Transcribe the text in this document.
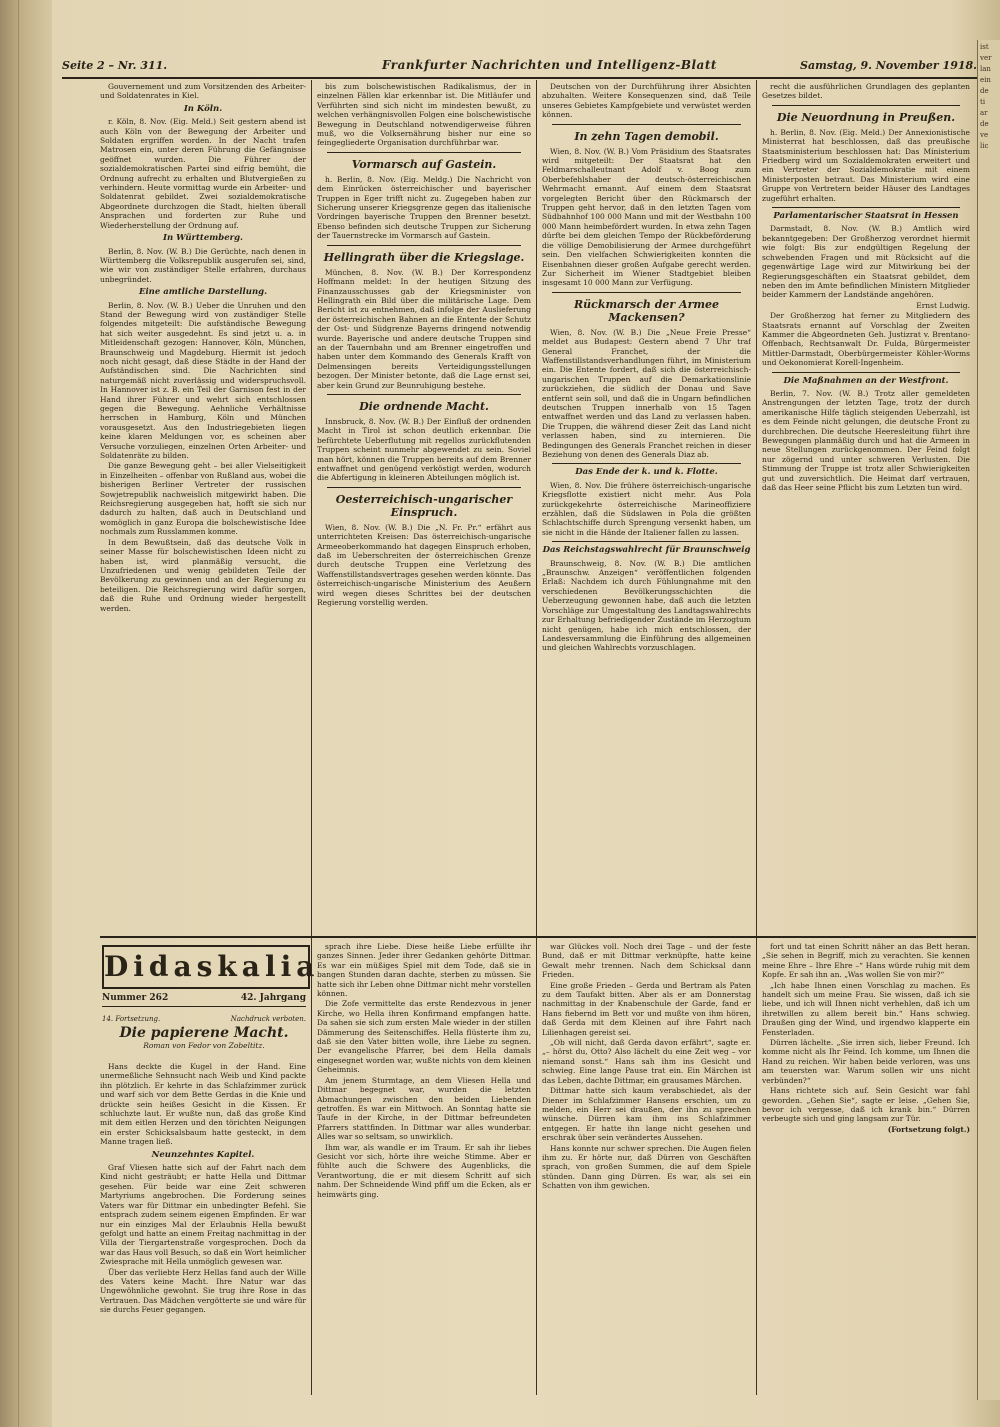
ist
ver
lan
ein
de
ti
ar
de
ve
lic
Seite 2 – Nr. 311.	Frankfurter Nachrichten und Intelligenz-Blatt	Samstag, 9. November 1918.

Gouvernement und zum Vorsitzenden des Arbeiter- und Soldatenrates in Kiel.

In Köln.

r. Köln, 8. Nov. (Eig. Meld.) Seit gestern abend ist auch Köln von der Bewegung der Arbeiter und Soldaten ergriffen worden. In der Nacht trafen Matrosen ein, unter deren Führung die Gefängnisse geöffnet wurden. Die Führer der sozialdemokratischen Partei sind eifrig bemüht, die Ordnung aufrecht zu erhalten und Blutvergießen zu verhindern. Heute vormittag wurde ein Arbeiter- und Soldatenrat gebildet. Zwei sozialdemokratische Abgeordnete durchzogen die Stadt, hielten überall Ansprachen und forderten zur Ruhe und Wiederherstellung der Ordnung auf.

In Württemberg.

Berlin, 8. Nov. (W. B.) Die Gerüchte, nach denen in Württemberg die Volksrepublik ausgerufen sei, sind, wie wir von zuständiger Stelle erfahren, durchaus unbegründet.

Eine amtliche Darstellung.

Berlin, 8. Nov. (W. B.) Ueber die Unruhen und den Stand der Bewegung wird von zuständiger Stelle folgendes mitgeteilt: Die aufständische Bewegung hat sich weiter ausgedehnt. Es sind jetzt u. a. in Mitleidenschaft gezogen: Hannover, Köln, München, Braunschweig und Magdeburg. Hiermit ist jedoch noch nicht gesagt, daß diese Städte in der Hand der Aufständischen sind. Die Nachrichten sind naturgemäß nicht zuverlässig und widerspruchsvoll. In Hannover ist z. B. ein Teil der Garnison fest in der Hand ihrer Führer und wehrt sich entschlossen gegen die Bewegung. Aehnliche Verhältnisse herrschen in Hamburg, Köln und München vorausgesetzt. Aus den Industriegebieten liegen keine klaren Meldungen vor, es scheinen aber Versuche vorzuliegen, einzelnen Orten Arbeiter- und Soldatenräte zu bilden.

Die ganze Bewegung geht – bei aller Vielseitigkeit in Einzelheiten – offenbar von Rußland aus, wobei die bisherigen Berliner Vertreter der russischen Sowjetrepublik nachweislich mitgewirkt haben. Die Reichsregierung ausgegeben hat, hofft sie sich nur dadurch zu halten, daß auch in Deutschland und womöglich in ganz Europa die bolschewistische Idee nochmals zum Russlammen komme.

In dem Bewußtsein, daß das deutsche Volk in seiner Masse für bolschewistischen Ideen nicht zu haben ist, wird planmäßig versucht, die Unzufriedenen und wenig gebildeten Teile der Bevölkerung zu gewinnen und an der Regierung zu beteiligen. Die Reichsregierung wird dafür sorgen, daß die Ruhe und Ordnung wieder hergestellt werden.

bis zum bolschewistischen Radikalismus, der in einzelnen Fällen klar erkennbar ist. Die Mitläufer und Verführten sind sich nicht im mindesten bewußt, zu welchen verhängnisvollen Folgen eine bolschewistische Bewegung in Deutschland notwendigerweise führen muß, wo die Volksernährung bisher nur eine so feingegliederte Organisation durchführbar war.

Vormarsch auf Gastein.

h. Berlin, 8. Nov. (Eig. Meldg.) Die Nachricht von dem Einrücken österreichischer und bayerischer Truppen in Eger trifft nicht zu. Zugegeben haben zur Sicherung unserer Kriegsgrenze gegen das italienische Vordringen bayerische Truppen den Brenner besetzt. Ebenso befinden sich deutsche Truppen zur Sicherung der Tauernstrecke im Vormarsch auf Gastein.

Hellingrath über die Kriegslage.

München, 8. Nov. (W. B.) Der Korrespondenz Hoffmann meldet: In der heutigen Sitzung des Finanzausschusses gab der Kriegsminister von Hellingrath ein Bild über die militärische Lage. Dem Bericht ist zu entnehmen, daß infolge der Auslieferung der österreichischen Bahnen an die Entente der Schutz der Ost- und Südgrenze Bayerns dringend notwendig wurde. Bayerische und andere deutsche Truppen sind an der Tauernbahn und am Brenner eingetroffen und haben unter dem Kommando des Generals Krafft von Delmensingen bereits Verteidigungsstellungen bezogen. Der Minister betonte, daß die Lage ernst sei, aber kein Grund zur Beunruhigung bestehe.

Die ordnende Macht.

Innsbruck, 8. Nov. (W. B.) Der Einfluß der ordnenden Macht in Tirol ist schon deutlich erkennbar. Die befürchtete Ueberflutung mit regellos zurückflutenden Truppen scheint nunmehr abgewendet zu sein. Soviel man hört, können die Truppen bereits auf dem Brenner entwaffnet und genügend verköstigt werden, wodurch die Abfertigung in kleineren Abteilungen möglich ist.

Oesterreichisch-ungarischer Einspruch.

Wien, 8. Nov. (W. B.) Die „N. Fr. Pr.“ erfährt aus unterrichteten Kreisen: Das österreichisch-ungarische Armeeoberkommando hat dagegen Einspruch erhoben, daß im Ueberschreiten der österreichischen Grenze durch deutsche Truppen eine Verletzung des Waffenstillstandsvertrages gesehen werden könnte. Das österreichisch-ungarische Ministerium des Aeußern wird wegen dieses Schrittes bei der deutschen Regierung vorstellig werden.

Deutschen von der Durchführung ihrer Absichten abzuhalten. Weitere Konsequenzen sind, daß Teile unseres Gebietes Kampfgebiete und verwüstet werden können.

In zehn Tagen demobil.

Wien, 8. Nov. (W. B.) Vom Präsidium des Staatsrates wird mitgeteilt: Der Staatsrat hat den Feldmarschalleutnant Adolf v. Boog zum Oberbefehlshaber der deutsch-österreichischen Wehrmacht ernannt. Auf einem dem Staatsrat vorgelegten Bericht über den Rückmarsch der Truppen geht hervor, daß in den letzten Tagen vom Südbahnhof 100 000 Mann und mit der Westbahn 100 000 Mann heimbefördert wurden. In etwa zehn Tagen dürfte bei dem gleichen Tempo der Rückbeförderung die völlige Demobilisierung der Armee durchgeführt sein. Den vielfachen Schwierigkeiten konnten die Eisenbahnen dieser großen Aufgabe gerecht werden. Zur Sicherheit im Wiener Stadtgebiet bleiben insgesamt 10 000 Mann zur Verfügung.

Rückmarsch der Armee Mackensen?

Wien, 8. Nov. (W. B.) Die „Neue Freie Presse“ meldet aus Budapest: Gestern abend 7 Uhr traf General Franchet, der die Waffenstillstandsverhandlungen führt, im Ministerium ein. Die Entente fordert, daß sich die österreichisch-ungarischen Truppen auf die Demarkationslinie zurückziehen, die südlich der Donau und Save entfernt sein soll, und daß die in Ungarn befindlichen deutschen Truppen innerhalb von 15 Tagen entwaffnet werden und das Land zu verlassen haben. Die Truppen, die während dieser Zeit das Land nicht verlassen haben, sind zu internieren. Die Bedingungen des Generals Franchet reichen in dieser Beziehung von denen des Generals Diaz ab.

Das Ende der k. und k. Flotte.

Wien, 8. Nov. Die frühere österreichisch-ungarische Kriegsflotte existiert nicht mehr. Aus Pola zurückgekehrte österreichische Marineoffiziere erzählen, daß die Südslawen in Pola die größten Schlachtschiffe durch Sprengung versenkt haben, um sie nicht in die Hände der Italiener fallen zu lassen.

Das Reichstagswahlrecht für Braunschweig

Braunschweig, 8. Nov. (W. B.) Die amtlichen „Braunschw. Anzeigen“ veröffentlichen folgenden Erlaß: Nachdem ich durch Fühlungnahme mit den verschiedenen Bevölkerungsschichten die Ueberzeugung gewonnen habe, daß auch die letzten Vorschläge zur Umgestaltung des Landtagswahlrechts zur Erhaltung befriedigender Zustände im Herzogtum nicht genügen, habe ich mich entschlossen, der Landesversammlung die Einführung des allgemeinen und gleichen Wahlrechts vorzuschlagen.

recht die ausführlichen Grundlagen des geplanten Gesetzes bildet.

Die Neuordnung in Preußen.

h. Berlin, 8. Nov. (Eig. Meld.) Der Annexionistische Ministerrat hat beschlossen, daß das preußische Staatsministerium beschlossen hat: Das Ministerium Friedberg wird um Sozialdemokraten erweitert und ein Vertreter der Sozialdemokratie mit einem Ministerposten betraut. Das Ministerium wird eine Gruppe von Vertretern beider Häuser des Landtages zugeführt erhalten.

Parlamentarischer Staatsrat in Hessen

Darmstadt, 8. Nov. (W. B.) Amtlich wird bekanntgegeben: Der Großherzog verordnet hiermit wie folgt: Bis zur endgültigen Regelung der schwebenden Fragen und mit Rücksicht auf die gegenwärtige Lage wird zur Mitwirkung bei der Regierungsgeschäften ein Staatsrat gebildet, dem neben den im Amte befindlichen Ministern Mitglieder beider Kammern der Landstände angehören.

Ernst Ludwig.

Der Großherzog hat ferner zu Mitgliedern des Staatsrats ernannt auf Vorschlag der Zweiten Kammer die Abgeordneten Geh. Justizrat v. Brentano-Offenbach, Rechtsanwalt Dr. Fulda, Bürgermeister Mittler-Darmstadt, Oberbürgermeister Köhler-Worms und Oekonomierat Korell-Ingenheim.

Die Maßnahmen an der Westfront.

Berlin, 7. Nov. (W. B.) Trotz aller gemeldeten Anstrengungen der letzten Tage, trotz der durch amerikanische Hilfe täglich steigenden Ueberzahl, ist es dem Feinde nicht gelungen, die deutsche Front zu durchbrechen. Die deutsche Heeresleitung führt ihre Bewegungen planmäßig durch und hat die Armeen in neue Stellungen zurückgenommen. Der Feind folgt nur zögernd und unter schweren Verlusten. Die Stimmung der Truppe ist trotz aller Schwierigkeiten gut und zuversichtlich. Die Heimat darf vertrauen, daß das Heer seine Pflicht bis zum Letzten tun wird.

Didaskalia
Nummer 262	42. Jahrgang
14. Fortsetzung.	Nachdruck verboten.
Die papierene Macht.
Roman von Fedor von Zobeltitz.

Hans deckte die Kugel in der Hand. Eine unermeßliche Sehnsucht nach Weib und Kind packte ihn plötzlich. Er kehrte in das Schlafzimmer zurück und warf sich vor dem Bette Gerdas in die Knie und drückte sein heißes Gesicht in die Kissen. Er schluchzte laut. Er wußte nun, daß das große Kind mit dem eitlen Herzen und den törichten Neigungen ein erster Schicksalsbaum hatte gesteckt, in dem Manne tragen ließ.

Neunzehntes Kapitel.

Graf Vliesen hatte sich auf der Fahrt nach dem Kind nicht gesträubt; er hatte Hella und Dittmar gesehen. Für beide war eine Zeit schweren Martyriums angebrochen. Die Forderung seines Vaters war für Dittmar ein unbedingter Befehl. Sie entsprach zudem seinem eigenen Empfinden. Er war nur ein einziges Mal der Erlaubnis Hella bewußt gefolgt und hatte an einem Freitag nachmittag in der Villa der Tiergartenstraße vorgesprochen. Doch da war das Haus voll Besuch, so daß ein Wort heimlicher Zwiesprache mit Hella unmöglich gewesen war.

Über das verliebte Herz Hellas fand auch der Wille des Vaters keine Macht. Ihre Natur war das Ungewöhnliche gewohnt. Sie trug ihre Rose in das Vertrauen. Das Mädchen vergötterte sie und wäre für sie durchs Feuer gegangen.

sprach ihre Liebe. Diese heiße Liebe erfüllte ihr ganzes Sinnen. Jeder ihrer Gedanken gehörte Dittmar. Es war ein müßiges Spiel mit dem Tode, daß sie in bangen Stunden daran dachte, sterben zu müssen. Sie hatte sich ihr Leben ohne Dittmar nicht mehr vorstellen können.

Die Zofe vermittelte das erste Rendezvous in jener Kirche, wo Hella ihren Konfirmand empfangen hatte. Da sahen sie sich zum ersten Male wieder in der stillen Dämmerung des Seitenschiffes. Hella flüsterte ihm zu, daß sie den Vater bitten wolle, ihre Liebe zu segnen. Der evangelische Pfarrer, bei dem Hella damals eingesegnet worden war, wußte nichts von dem kleinen Geheimnis.

Am jenem Sturmtage, an dem Vliesen Hella und Dittmar begegnet war, wurden die letzten Abmachungen zwischen den beiden Liebenden getroffen. Es war ein Mittwoch. An Sonntag hatte sie Taufe in der Kirche, in der Dittmar befreundeten Pfarrers stattfinden. In Dittmar war alles wunderbar. Alles war so seltsam, so unwirklich.

Ihm war, als wandle er im Traum. Er sah ihr liebes Gesicht vor sich, hörte ihre weiche Stimme. Aber er fühlte auch die Schwere des Augenblicks, die Verantwortung, die er mit diesem Schritt auf sich nahm. Der Schneidende Wind pfiff um die Ecken, als er heimwärts ging.

war Glückes voll. Noch drei Tage – und der feste Bund, daß er mit Dittmar verknüpfte, hatte keine Gewalt mehr trennen. Nach dem Schicksal dann Frieden.

Eine große Frieden – Gerda und Bertram als Paten zu dem Taufakt bitten. Aber als er am Donnerstag nachmittag in der Knabenschule der Garde, fand er Hans fiebernd im Bett vor und mußte von ihm hören, daß Gerda mit dem Kleinen auf ihre Fahrt nach Lilienhagen gereist sei.

„Ob will nicht, daß Gerda davon erfährt“, sagte er. „– hörst du, Otto? Also lächelt du eine Zeit weg – vor niemand sonst.“ Hans sah ihm ins Gesicht und schwieg. Eine lange Pause trat ein. Ein Märchen ist das Leben, dachte Dittmar, ein grausames Märchen.

Dittmar hatte sich kaum verabschiedet, als der Diener im Schlafzimmer Hansens erschien, um zu melden, ein Herr sei draußen, der ihn zu sprechen wünsche. Dürren kam ihm ins Schlafzimmer entgegen. Er hatte ihn lange nicht gesehen und erschrak über sein verändertes Aussehen.

Hans konnte nur schwer sprechen. Die Augen fielen ihm zu. Er hörte nur, daß Dürren von Geschäften sprach, von großen Summen, die auf dem Spiele stünden. Dann ging Dürren. Es war, als sei ein Schatten von ihm gewichen.

fort und tat einen Schritt näher an das Bett heran. „Sie sehen in Begriff, mich zu verachten. Sie kennen meine Ehre – Ihre Ehre –“ Hans würde ruhig mit dem Kopfe. Er sah ihn an. „Was wollen Sie von mir?“

„Ich habe Ihnen einen Vorschlag zu machen. Es handelt sich um meine Frau. Sie wissen, daß ich sie liebe, und ich will Ihnen nicht verhehlen, daß ich um ihretwillen zu allem bereit bin.“ Hans schwieg. Draußen ging der Wind, und irgendwo klapperte ein Fensterladen.

Dürren lächelte. „Sie irren sich, lieber Freund. Ich komme nicht als Ihr Feind. Ich komme, um Ihnen die Hand zu reichen. Wir haben beide verloren, was uns am teuersten war. Warum sollen wir uns nicht verbünden?“

Hans richtete sich auf. Sein Gesicht war fahl geworden. „Gehen Sie“, sagte er leise. „Gehen Sie, bevor ich vergesse, daß ich krank bin.“ Dürren verbeugte sich und ging langsam zur Tür.

(Fortsetzung folgt.)
